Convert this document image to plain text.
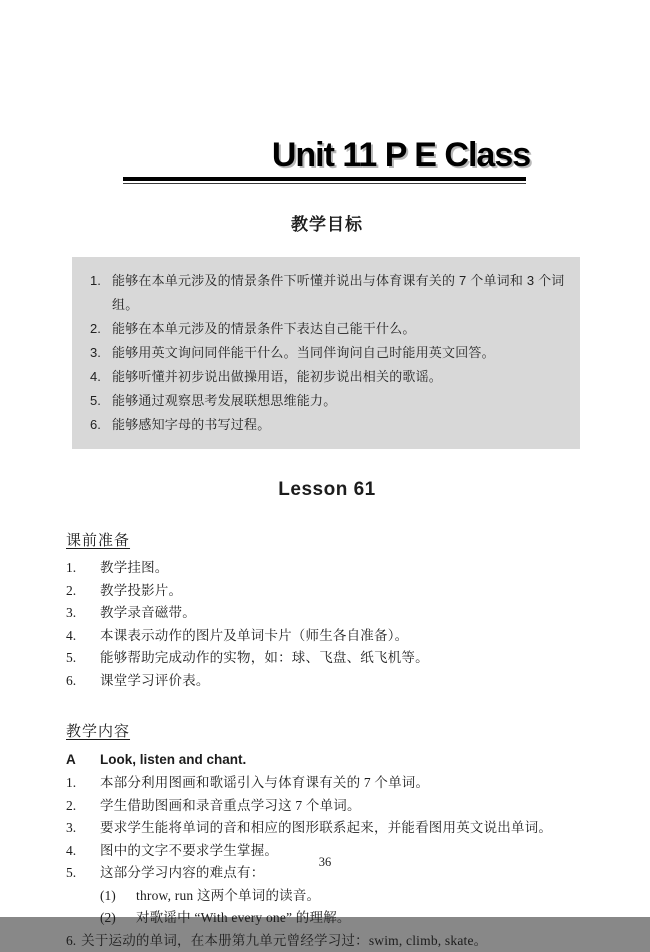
Unit 11 P E Class
教学目标
1. 能够在本单元涉及的情景条件下听懂并说出与体育课有关的 7 个单词和 3 个词组。
2. 能够在本单元涉及的情景条件下表达自己能干什么。
3. 能够用英文询问同伴能干什么。当同伴询问自己时能用英文回答。
4. 能够听懂并初步说出做操用语，能初步说出相关的歌谣。
5. 能够通过观察思考发展联想思维能力。
6. 能够感知字母的书写过程。
Lesson 61
课前准备
1.	教学挂图。
2.	教学投影片。
3.	教学录音磁带。
4.	本课表示动作的图片及单词卡片（师生各自准备）。
5.	能够帮助完成动作的实物，如：球、飞盘、纸飞机等。
6.	课堂学习评价表。
教学内容
A	Look, listen and chant.
1.	本部分利用图画和歌谣引入与体育课有关的 7 个单词。
2.	学生借助图画和录音重点学习这 7 个单词。
3.	要求学生能将单词的音和相应的图形联系起来，并能看图用英文说出单词。
4.	图中的文字不要求学生掌握。
5.	这部分学习内容的难点有：
(1)	throw, run 这两个单词的读音。
(2)	对歌谣中 “With every one” 的理解。
6. 关于运动的单词，在本册第九单元曾经学习过：swim, climb, skate。
36
